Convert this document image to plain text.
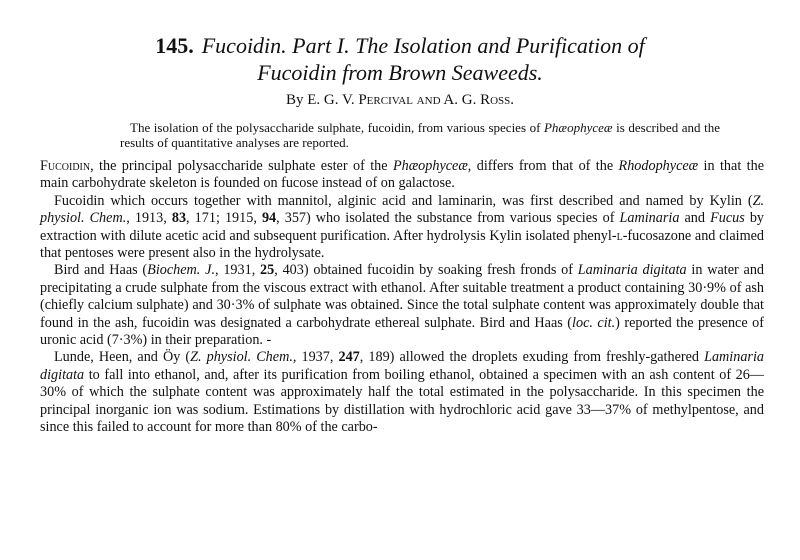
145. Fucoidin. Part I. The Isolation and Purification of
Fucoidin from Brown Seaweeds.
By E. G. V. Percival and A. G. Ross.
The isolation of the polysaccharide sulphate, fucoidin, from various species of Phæophyceæ is described and the results of quantitative analyses are reported.

Fucoidin, the principal polysaccharide sulphate ester of the Phæophyceæ, differs from that of the Rhodophyceæ in that the main carbohydrate skeleton is founded on fucose instead of on galactose.

Fucoidin which occurs together with mannitol, alginic acid and laminarin, was first described and named by Kylin (Z. physiol. Chem., 1913, 83, 171; 1915, 94, 357) who isolated the substance from various species of Laminaria and Fucus by extraction with dilute acetic acid and subsequent purification. After hydrolysis Kylin isolated phenyl-l-fucosazone and claimed that pentoses were present also in the hydrolysate.

Bird and Haas (Biochem. J., 1931, 25, 403) obtained fucoidin by soaking fresh fronds of Laminaria digitata in water and precipitating a crude sulphate from the viscous extract with ethanol. After suitable treatment a product containing 30·9% of ash (chiefly calcium sulphate) and 30·3% of sulphate was obtained. Since the total sulphate content was approximately double that found in the ash, fucoidin was designated a carbohydrate ethereal sulphate. Bird and Haas (loc. cit.) reported the presence of uronic acid (7·3%) in their preparation. -

Lunde, Heen, and Öy (Z. physiol. Chem., 1937, 247, 189) allowed the droplets exuding from freshly-gathered Laminaria digitata to fall into ethanol, and, after its purification from boiling ethanol, obtained a specimen with an ash content of 26—30% of which the sulphate content was approximately half the total estimated in the polysaccharide. In this specimen the principal inorganic ion was sodium. Estimations by distillation with hydrochloric acid gave 33—37% of methylpentose, and since this failed to account for more than 80% of the carbo-
